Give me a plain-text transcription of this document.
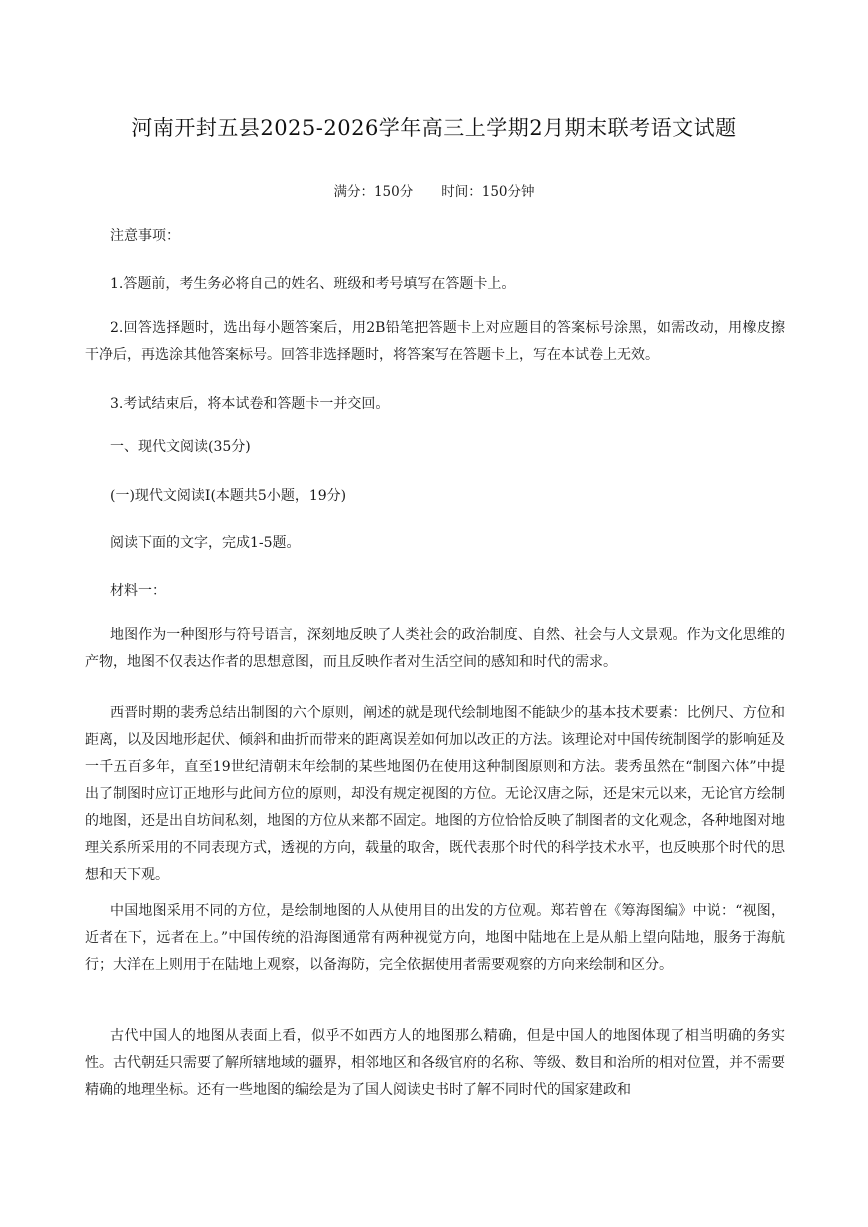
河南开封五县2025-2026学年高三上学期2月期末联考语文试题
满分：150分 时间：150分钟
注意事项：
1.答题前，考生务必将自己的姓名、班级和考号填写在答题卡上。

2.回答选择题时，选出每小题答案后，用2B铅笔把答题卡上对应题目的答案标号涂黑，如需改动，用橡皮擦干净后，再选涂其他答案标号。回答非选择题时，将答案写在答题卡上，写在本试卷上无效。

3.考试结束后，将本试卷和答题卡一并交回。
一、现代文阅读(35分)
(一)现代文阅读Ⅰ(本题共5小题，19分)
阅读下面的文字，完成1-5题。
材料一：

地图作为一种图形与符号语言，深刻地反映了人类社会的政治制度、自然、社会与人文景观。作为文化思维的产物，地图不仅表达作者的思想意图，而且反映作者对生活空间的感知和时代的需求。

西晋时期的裴秀总结出制图的六个原则，阐述的就是现代绘制地图不能缺少的基本技术要素：比例尺、方位和距离，以及因地形起伏、倾斜和曲折而带来的距离误差如何加以改正的方法。该理论对中国传统制图学的影响延及一千五百多年，直至19世纪清朝末年绘制的某些地图仍在使用这种制图原则和方法。裴秀虽然在“制图六体”中提出了制图时应订正地形与此间方位的原则，却没有规定视图的方位。无论汉唐之际，还是宋元以来，无论官方绘制的地图，还是出自坊间私刻，地图的方位从来都不固定。地图的方位恰恰反映了制图者的文化观念，各种地图对地理关系所采用的不同表现方式，透视的方向，载量的取舍，既代表那个时代的科学技术水平，也反映那个时代的思想和天下观。

中国地图采用不同的方位，是绘制地图的人从使用目的出发的方位观。郑若曾在《筹海图编》中说：“视图，近者在下，远者在上。”中国传统的沿海图通常有两种视觉方向，地图中陆地在上是从船上望向陆地，服务于海航行；大洋在上则用于在陆地上观察，以备海防，完全依据使用者需要观察的方向来绘制和区分。

古代中国人的地图从表面上看，似乎不如西方人的地图那么精确，但是中国人的地图体现了相当明确的务实性。古代朝廷只需要了解所辖地域的疆界，相邻地区和各级官府的名称、等级、数目和治所的相对位置，并不需要精确的地理坐标。还有一些地图的编绘是为了国人阅读史书时了解不同时代的国家建政和
